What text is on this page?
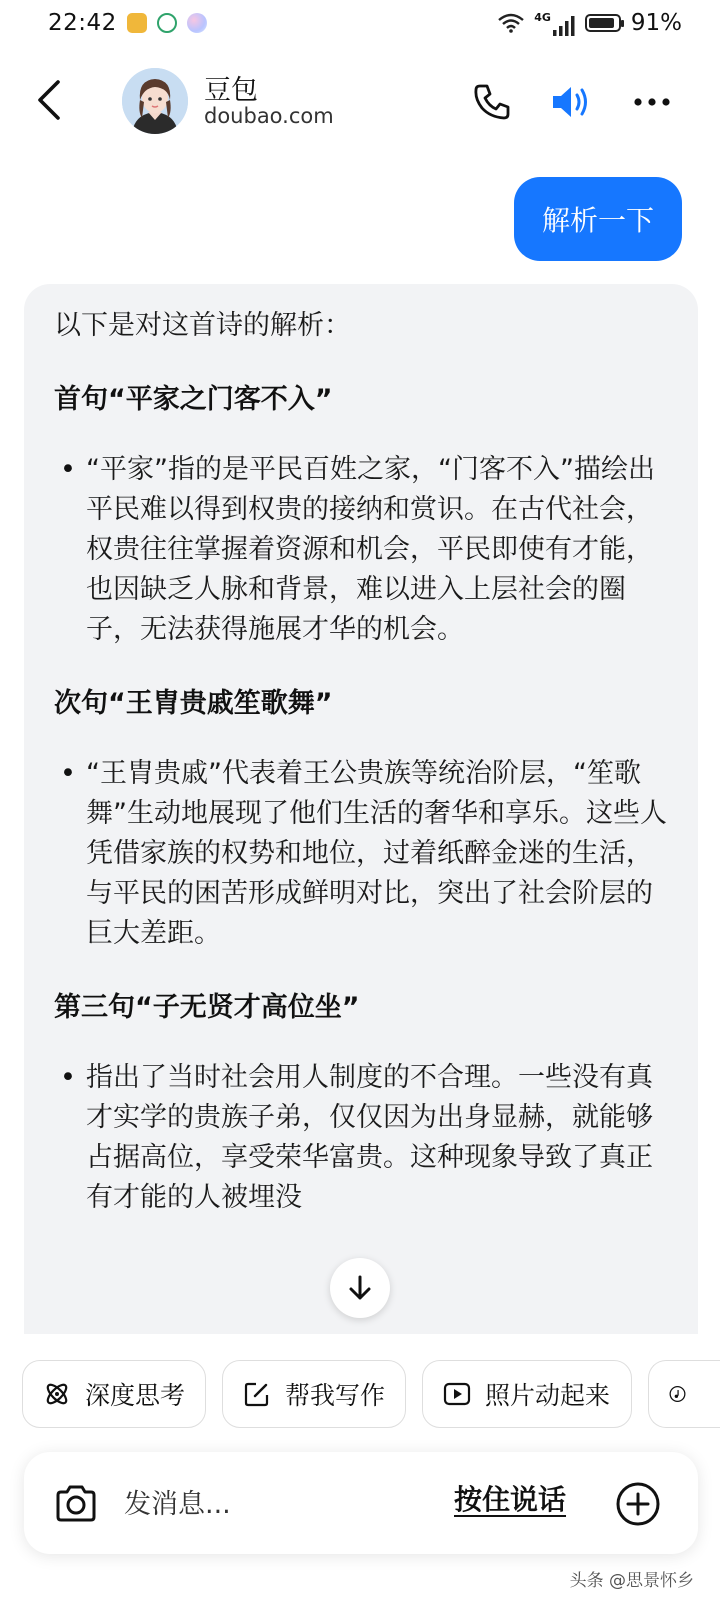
22:42	4G	91%
豆包
doubao.com
解析一下
以下是对这首诗的解析：
首句“平家之门客不入”
• “平家”指的是平民百姓之家，“门客不入”描绘出平民难以得到权贵的接纳和赏识。在古代社会，权贵往往掌握着资源和机会，平民即使有才能，也因缺乏人脉和背景，难以进入上层社会的圈子，无法获得施展才华的机会。
次句“王胄贵戚笙歌舞”
• “王胄贵戚”代表着王公贵族等统治阶层，“笙歌舞”生动地展现了他们生活的奢华和享乐。这些人凭借家族的权势和地位，过着纸醉金迷的生活，与平民的困苦形成鲜明对比，突出了社会阶层的巨大差距。
第三句“子无贤才高位坐”
• 指出了当时社会用人制度的不合理。一些没有真才实学的贵族子弟，仅仅因为出身显赫，就能够占据高位，享受荣华富贵。这种现象导致了真正有才能的人被埋没
深度思考	帮我写作	照片动起来
发消息...
按住说话
头条 @思景怀乡
